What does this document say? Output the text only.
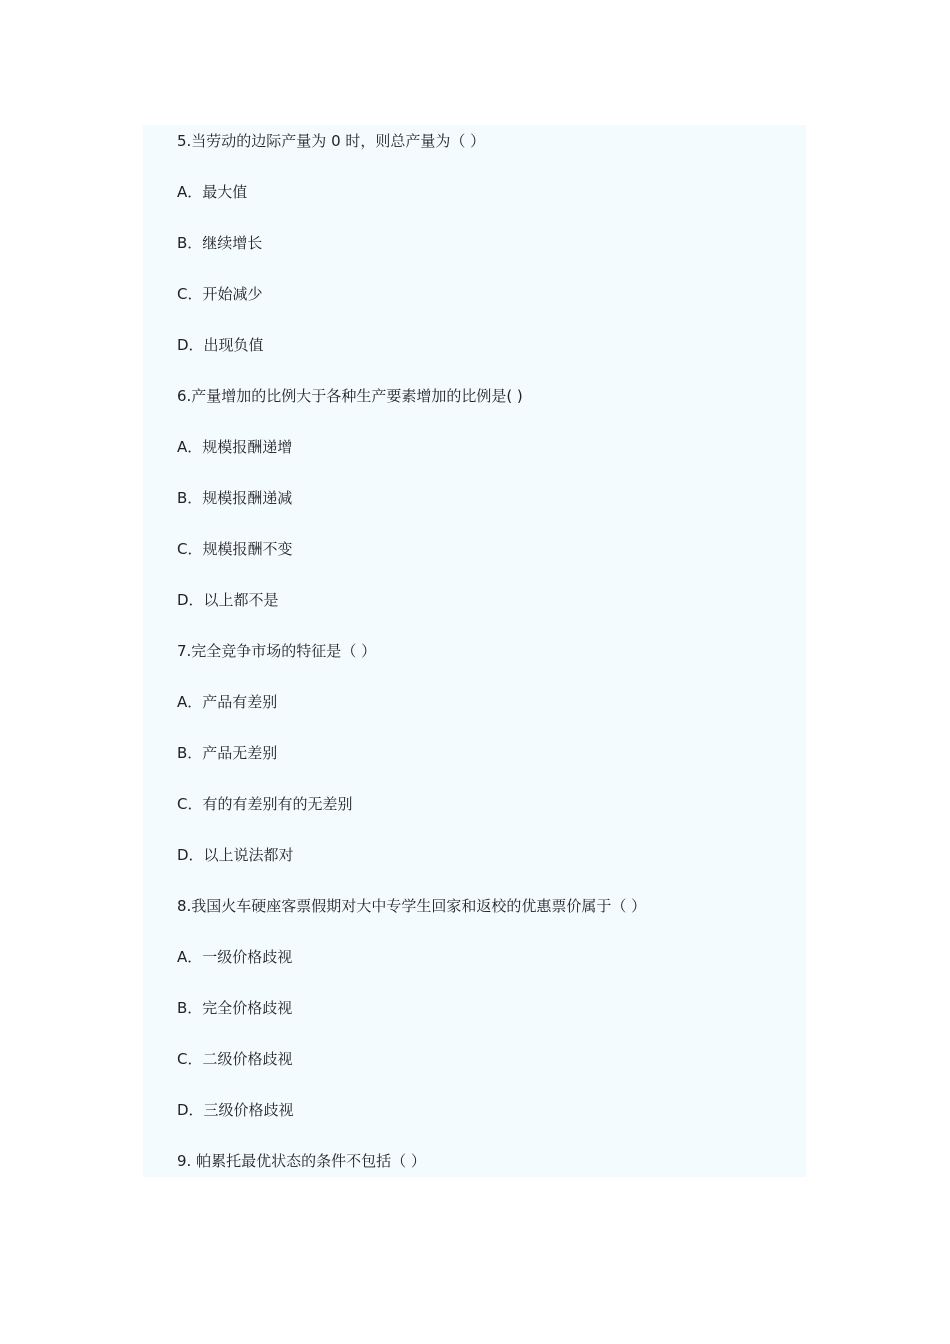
5.当劳动的边际产量为 0 时，则总产量为（ ）
A．最大值
B．继续增长
C．开始减少
D．出现负值
6.产量增加的比例大于各种生产要素增加的比例是( )
A．规模报酬递增
B．规模报酬递减
C．规模报酬不变
D．以上都不是
7.完全竞争市场的特征是（ ）
A．产品有差别
B．产品无差别
C．有的有差别有的无差别
D．以上说法都对
8.我国火车硬座客票假期对大中专学生回家和返校的优惠票价属于（ ）
A．一级价格歧视
B．完全价格歧视
C．二级价格歧视
D．三级价格歧视
9. 帕累托最优状态的条件不包括（ ）
